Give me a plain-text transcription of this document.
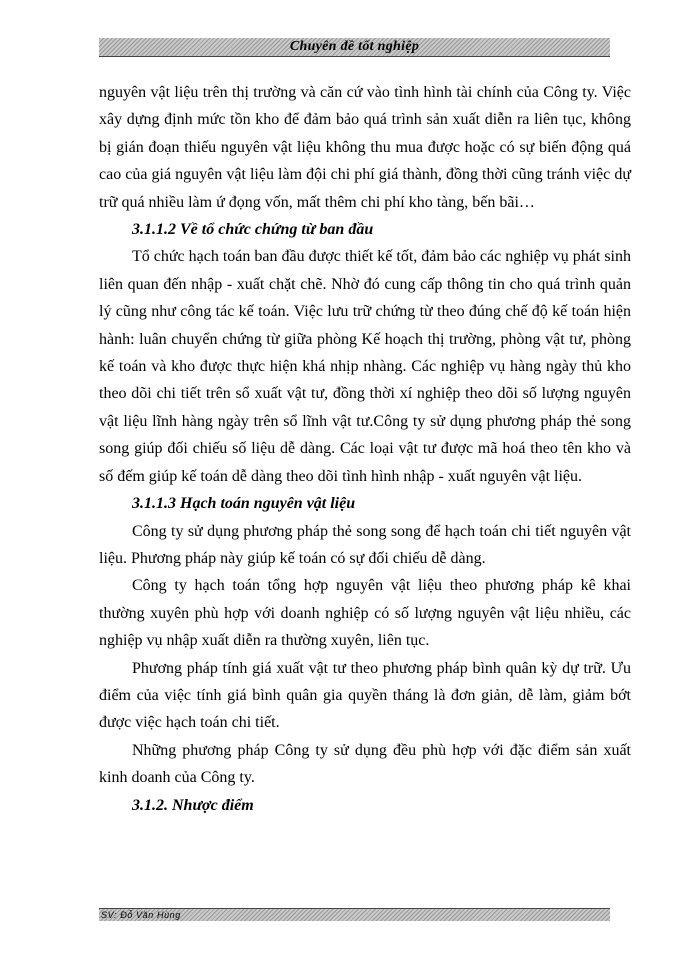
Chuyên đề tốt nghiệp

nguyên vật liệu trên thị trường và căn cứ vào tình hình tài chính của Công ty. Việc xây dựng định mức tồn kho để đảm bảo quá trình sản xuất diễn ra liên tục, không bị gián đoạn thiếu nguyên vật liệu không thu mua được hoặc có sự biến động quá cao của giá nguyên vật liệu làm đội chi phí giá thành, đồng thời cũng tránh việc dự trữ quá nhiều làm ứ đọng vốn, mất thêm chi phí kho tàng, bến bãi…

3.1.1.2 Về tổ chức chứng từ ban đầu

Tổ chức hạch toán ban đầu được thiết kế tốt, đảm bảo các nghiệp vụ phát sinh liên quan đến nhập - xuất chặt chẽ. Nhờ đó cung cấp thông tin cho quá trình quản lý cũng như công tác kế toán. Việc lưu trữ chứng từ theo đúng chế độ kế toán hiện hành: luân chuyển chứng từ giữa phòng Kế hoạch thị trường, phòng vật tư, phòng kế toán và kho được thực hiện khá nhịp nhàng. Các nghiệp vụ hàng ngày thủ kho theo dõi chi tiết trên sổ xuất vật tư, đồng thời xí nghiệp theo dõi số lượng nguyên vật liệu lĩnh hàng ngày trên sổ lĩnh vật tư.Công ty sử dụng phương pháp thẻ song song giúp đối chiếu số liệu dễ dàng. Các loại vật tư được mã hoá theo tên kho và số đếm giúp kế toán dễ dàng theo dõi tình hình nhập - xuất nguyên vật liệu.

3.1.1.3 Hạch toán nguyên vật liệu

Công ty sử dụng phương pháp thẻ song song để hạch toán chi tiết nguyên vật liệu. Phương pháp này giúp kế toán có sự đối chiếu dễ dàng.

Công ty hạch toán tổng hợp nguyên vật liệu theo phương pháp kê khai thường xuyên phù hợp với doanh nghiệp có số lượng nguyên vật liệu nhiều, các nghiệp vụ nhập xuất diễn ra thường xuyên, liên tục.

Phương pháp tính giá xuất vật tư theo phương pháp bình quân kỳ dự trữ. Ưu điểm của việc tính giá bình quân gia quyền tháng là đơn giản, dễ làm, giảm bớt được việc hạch toán chi tiết.

Những phương pháp Công ty sử dụng đều phù hợp với đặc điểm sản xuất kinh doanh của Công ty.

3.1.2. Nhược điểm
SV: Đỗ Văn Hùng
